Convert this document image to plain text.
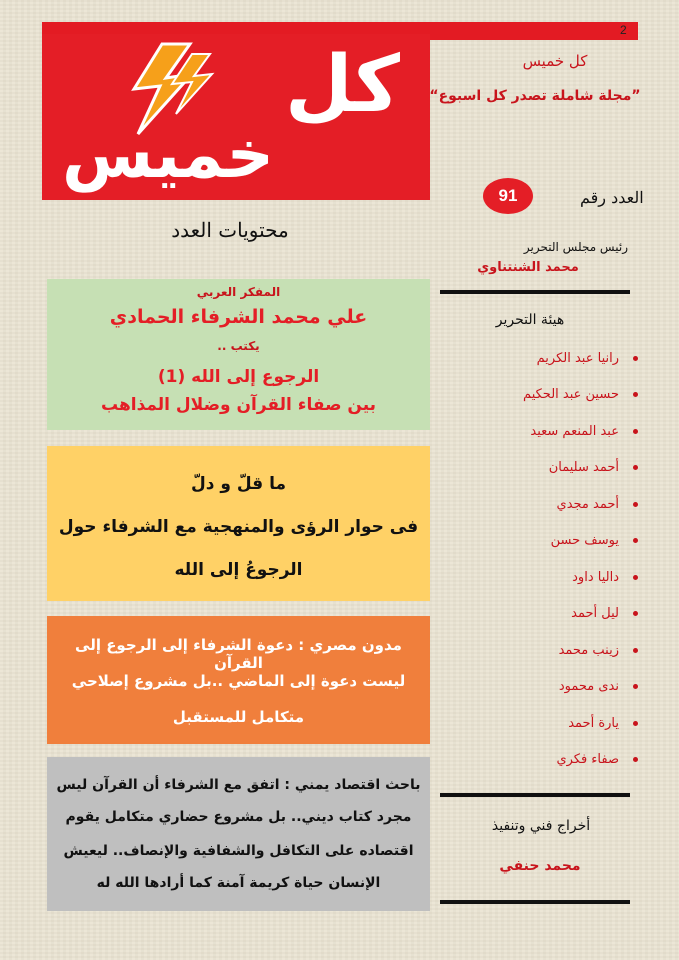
2
كل
خميس
محتويات العدد
كل خميس
“مجلة شاملة تصدر كل اسبوع”
العدد رقم
91
رئيس مجلس التحرير
محمد الشنتناوي
هيئة التحرير
رانيا عبد الكريم
حسين عبد الحكيم
عبد المنعم سعيد
أحمد سليمان
أحمد مجدي
يوسف حسن
داليا داود
ليل أحمد
زينب محمد
ندى محمود
يارة أحمد
صفاء فكري
أخراج فني وتنفيذ
محمد حنفي
المفكر العربي
علي محمد الشرفاء الحمادي
يكتب ..
الرجوع إلى الله (1)
بين صفاء القرآن وضلال المذاهب
ما قلّ و دلّ
فى حوار الرؤى والمنهجية مع الشرفاء حول
الرجوعُ إلى الله
مدون مصري : دعوة الشرفاء إلى الرجوع إلى القرآن
ليست دعوة إلى الماضي ..بل مشروع إصلاحي
متكامل للمستقبل
باحث اقتصاد يمني : اتفق مع الشرفاء أن القرآن ليس
مجرد كتاب ديني.. بل مشروع حضاري متكامل يقوم
اقتصاده على التكافل والشفافية والإنصاف.. ليعيش
الإنسان حياة كريمة آمنة كما أرادها الله له
